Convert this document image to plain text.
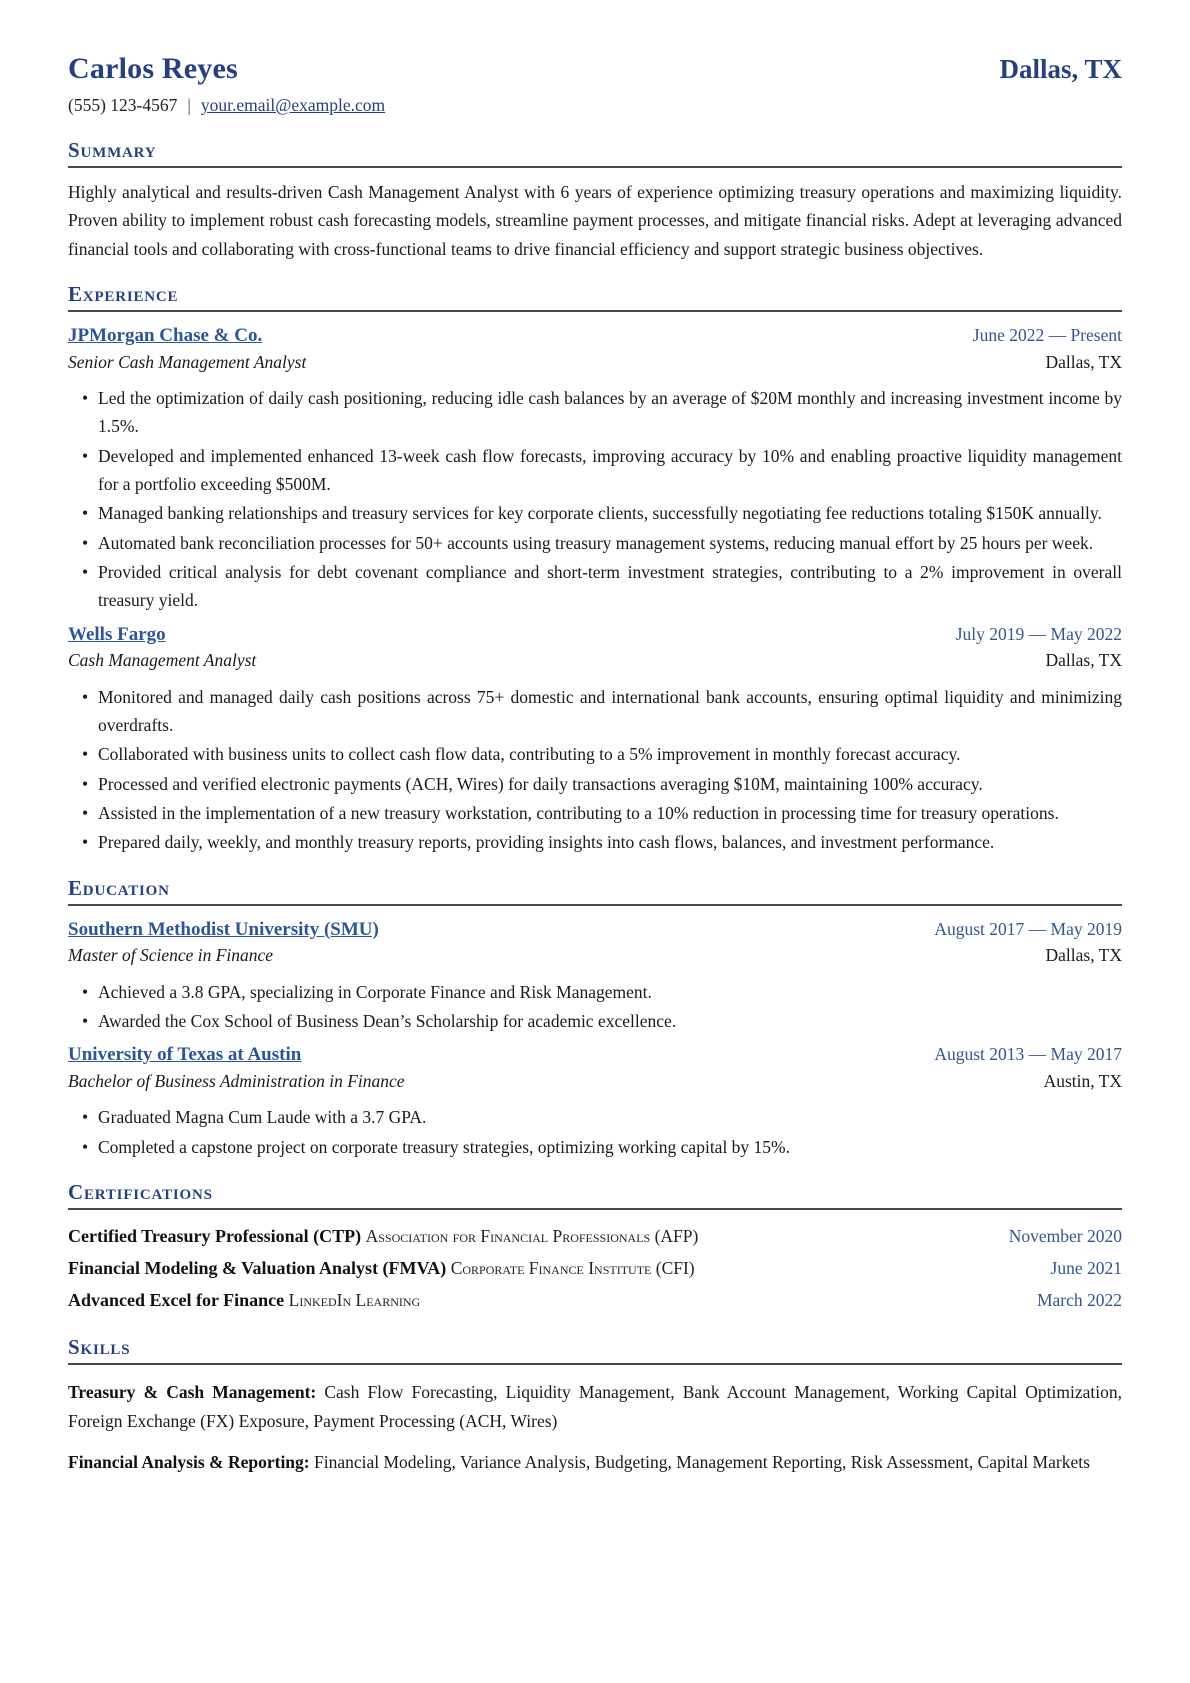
Carlos Reyes	Dallas, TX
(555) 123-4567 | your.email@example.com
Summary

Highly analytical and results-driven Cash Management Analyst with 6 years of experience optimizing treasury operations and maximizing liquidity. Proven ability to implement robust cash forecasting models, streamline payment processes, and mitigate financial risks. Adept at leveraging advanced financial tools and collaborating with cross-functional teams to drive financial efficiency and support strategic business objectives.

Experience
JPMorgan Chase & Co.	June 2022 — Present
Senior Cash Management Analyst	Dallas, TX
• Led the optimization of daily cash positioning, reducing idle cash balances by an average of $20M monthly and increasing investment income by 1.5%.
• Developed and implemented enhanced 13-week cash flow forecasts, improving accuracy by 10% and enabling proactive liquidity management for a portfolio exceeding $500M.
• Managed banking relationships and treasury services for key corporate clients, successfully negotiating fee reductions totaling $150K annually.
• Automated bank reconciliation processes for 50+ accounts using treasury management systems, reducing manual effort by 25 hours per week.
• Provided critical analysis for debt covenant compliance and short-term investment strategies, contributing to a 2% improvement in overall treasury yield.
Wells Fargo	July 2019 — May 2022
Cash Management Analyst	Dallas, TX
• Monitored and managed daily cash positions across 75+ domestic and international bank accounts, ensuring optimal liquidity and minimizing overdrafts.
• Collaborated with business units to collect cash flow data, contributing to a 5% improvement in monthly forecast accuracy.
• Processed and verified electronic payments (ACH, Wires) for daily transactions averaging $10M, maintaining 100% accuracy.
• Assisted in the implementation of a new treasury workstation, contributing to a 10% reduction in processing time for treasury operations.
• Prepared daily, weekly, and monthly treasury reports, providing insights into cash flows, balances, and investment performance.
Education
Southern Methodist University (SMU)	August 2017 — May 2019
Master of Science in Finance	Dallas, TX
• Achieved a 3.8 GPA, specializing in Corporate Finance and Risk Management.
• Awarded the Cox School of Business Dean’s Scholarship for academic excellence.
University of Texas at Austin	August 2013 — May 2017
Bachelor of Business Administration in Finance	Austin, TX
• Graduated Magna Cum Laude with a 3.7 GPA.
• Completed a capstone project on corporate treasury strategies, optimizing working capital by 15%.
Certifications
Certified Treasury Professional (CTP) Association for Financial Professionals (AFP)	November 2020
Financial Modeling & Valuation Analyst (FMVA) Corporate Finance Institute (CFI)	June 2021
Advanced Excel for Finance LinkedIn Learning	March 2022
Skills

Treasury & Cash Management: Cash Flow Forecasting, Liquidity Management, Bank Account Management, Working Capital Optimization, Foreign Exchange (FX) Exposure, Payment Processing (ACH, Wires)

Financial Analysis & Reporting: Financial Modeling, Variance Analysis, Budgeting, Management Reporting, Risk Assessment, Capital Markets
